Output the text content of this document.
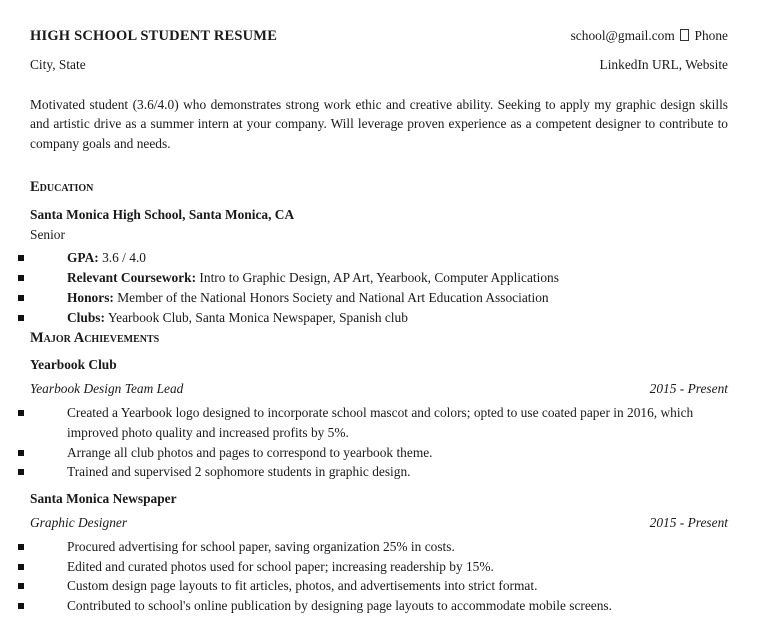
HIGH SCHOOL STUDENT RESUME	school@gmail.com Phone
City, State	LinkedIn URL, Website

Motivated student (3.6/4.0) who demonstrates strong work ethic and creative ability. Seeking to apply my graphic design skills and artistic drive as a summer intern at your company. Will leverage proven experience as a competent designer to contribute to company goals and needs.

Education
Santa Monica High School, Santa Monica, CA
Senior
GPA: 3.6 / 4.0
Relevant Coursework: Intro to Graphic Design, AP Art, Yearbook, Computer Applications
Honors: Member of the National Honors Society and National Art Education Association
Clubs: Yearbook Club, Santa Monica Newspaper, Spanish club
Major Achievements
Yearbook Club
Yearbook Design Team Lead	2015 - Present
Created a Yearbook logo designed to incorporate school mascot and colors; opted to use coated paper in 2016, which improved photo quality and increased profits by 5%.
Arrange all club photos and pages to correspond to yearbook theme.
Trained and supervised 2 sophomore students in graphic design.
Santa Monica Newspaper
Graphic Designer	2015 - Present
Procured advertising for school paper, saving organization 25% in costs.
Edited and curated photos used for school paper; increasing readership by 15%.
Custom design page layouts to fit articles, photos, and advertisements into strict format.
Contributed to school's online publication by designing page layouts to accommodate mobile screens.
